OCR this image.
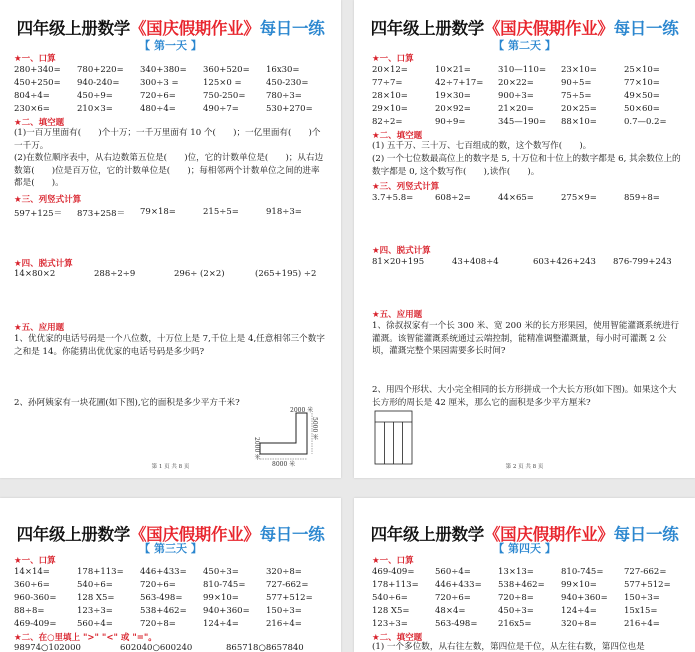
四年级上册数学《国庆假期作业》每日一练
【 第一天 】
★一、口算
280+340= 780+220= 340+380= 360+520= 16x30=
450+250= 940-240= 300÷3 =	125×0 =	450-230=
804÷4=	450÷9=	720÷6=	750-250= 780÷3=
230×6=	210×3=	480÷4=	490÷7=	530+270=
★二、填空题
(1)一百万里面有(　　)个十万；一千万里面有 10 个(　　)；一亿里面有(　　)个一千万。
(2)在数位顺序表中，从右边数第五位是(　　)位，它的计数单位是(　　)；从右边数第(　　)位是百万位，它的计数单位是(　　)；每相邻两个计数单位之间的进率都是(　　)。
★三、列竖式计算
597+125＝ 873+258＝ 79×18=	215÷5=	918÷3=
★四、脱式计算
14×80×2	288÷2÷9	296÷ (2×2)	(265+195) ÷2
★五、应用题
1、优优家的电话号码是一个八位数，十万位上是 7,千位上是 4,任意相邻三个数字之和是 14。你能猜出优优家的电话号码是多少吗?
2、孙阿姨家有一块花圃(如下图),它的面积是多少平方千米?
2000 米
5000 米
2000 米
8000 米
第 1 页 共 8 页
四年级上册数学《国庆假期作业》每日一练
【 第二天 】
★一、口算
20×12=	10×21=	310—110= 23×10=	25×10=
77÷7=	42÷7+17= 20×22=	90÷5=	77×10=
28×10=	19×30=	900÷3=	75÷5=	49×50=
29×10=	20×92=	21×20=	20×25=	50×60=
82÷2=	90÷9=	345—190= 88×10=	0.7—0.2=
★二、填空题
(1) 五千万、三十万、七百组成的数，这个数写作(　　)。
(2) 一个七位数最高位上的数字是 5, 十万位和十位上的数字都是 6, 其余数位上的数字都是 0, 这个数写作(　　),读作(　　)。
★三、列竖式计算
3.7+5.8=	608÷2=	44×65=	275×9=	859÷8=
★四、脱式计算
81×20+195	43+408÷4	603+426+243 876-799+243
★五、应用题
1、徐叔叔家有一个长 300 米、宽 200 米的长方形果园，使用智能灌溉系统进行灌溉。该智能灌溉系统通过云端控制，能精准调整灌溉量，每小时可灌溉 2 公顷，灌溉完整个果园需要多长时间?
2、用四个形状、大小完全相同的长方形拼成一个大长方形(如下图)。如果这个大长方形的周长是 42 厘米，那么它的面积是多少平方厘米?
第 2 页 共 8 页
四年级上册数学《国庆假期作业》每日一练
【 第三天 】
★一、口算
14×14=	178+113= 446+433= 450÷3=	320÷8=
360÷6=	540÷6=	720÷6=	810-745= 727-662=
960-360= 128 X5=	563-498= 99×10=	577+512=
88÷8=	123÷3=	538+462= 940+360= 150÷3=
469-409= 560÷4=	720÷8=	124÷4=	216÷4=
★二、在○里填上 ">" "<" 或 "="。
98974○102000	602040○600240	865718○8657840
四年级上册数学《国庆假期作业》每日一练
【 第四天 】
★一、口算
469-409= 560÷4=	13×13=	810-745= 727-662=
178+113= 446+433= 538+462= 99×10=	577+512=
540÷6=	720÷6=	720÷8=	940+360= 150÷3=
128 X5=	48×4=	450÷3=	124÷4=	15x15=
123÷3=	563-498= 216x5=	320÷8=	216÷4=
★二、填空题
(1) 一个多位数，从右往左数，第四位是千位，从左往右数，第四位也是
